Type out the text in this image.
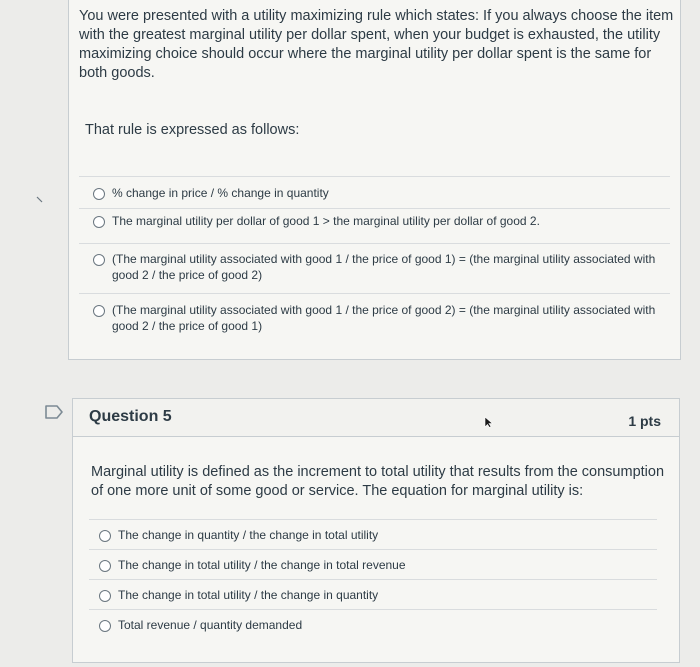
You were presented with a utility maximizing rule which states: If you always choose the item with the greatest marginal utility per dollar spent, when your budget is exhausted, the utility maximizing choice should occur where the marginal utility per dollar spent is the same for both goods.
That rule is expressed as follows:
% change in price / % change in quantity
The marginal utility per dollar of good 1 > the marginal utility per dollar of good 2.
(The marginal utility associated with good 1 / the price of good 1) = (the marginal utility associated with good 2 / the price of good 2)
(The marginal utility associated with good 1 / the price of good 2) = (the marginal utility associated with good 2 / the price of good 1)
Question 5	1 pts
Marginal utility is defined as the increment to total utility that results from the consumption of one more unit of some good or service. The equation for marginal utility is:
The change in quantity / the change in total utility
The change in total utility / the change in total revenue
The change in total utility / the change in quantity
Total revenue / quantity demanded
